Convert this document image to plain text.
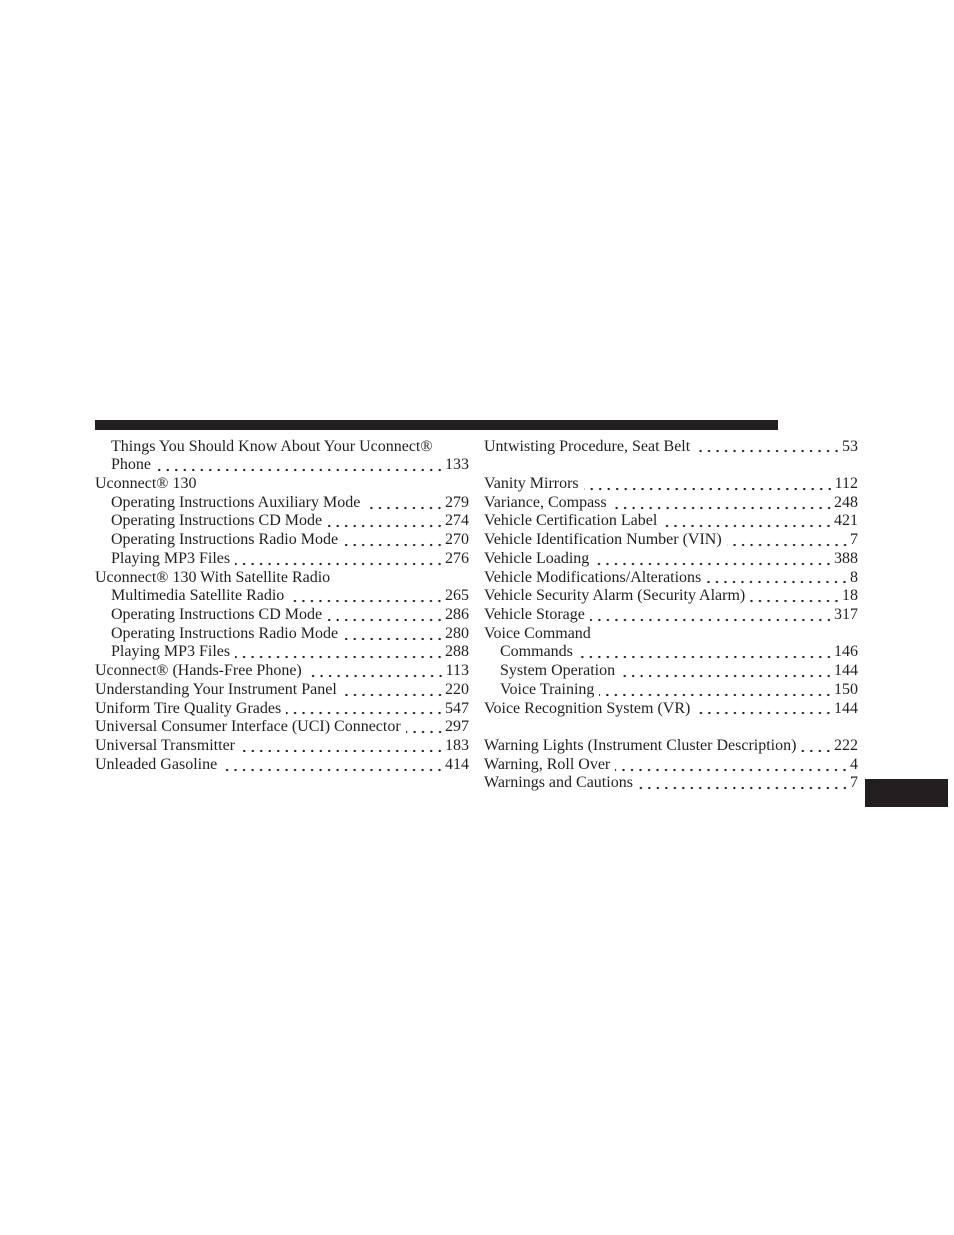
Things You Should Know About Your Uconnect®
Phone	133
Uconnect® 130
Operating Instructions Auxiliary Mode	279
Operating Instructions CD Mode	274
Operating Instructions Radio Mode	270
Playing MP3 Files	276
Uconnect® 130 With Satellite Radio
Multimedia Satellite Radio	265
Operating Instructions CD Mode	286
Operating Instructions Radio Mode	280
Playing MP3 Files	288
Uconnect® (Hands-Free Phone)	113
Understanding Your Instrument Panel	220
Uniform Tire Quality Grades	547
Universal Consumer Interface (UCI) Connector	297
Universal Transmitter	183
Unleaded Gasoline	414
Untwisting Procedure, Seat Belt	53
Vanity Mirrors	112
Variance, Compass	248
Vehicle Certification Label	421
Vehicle Identification Number (VIN)	7
Vehicle Loading	388
Vehicle Modifications/Alterations	8
Vehicle Security Alarm (Security Alarm)	18
Vehicle Storage	317
Voice Command
Commands	146
System Operation	144
Voice Training	150
Voice Recognition System (VR)	144
Warning Lights (Instrument Cluster Description) 222
Warning, Roll Over	4
Warnings and Cautions	7
